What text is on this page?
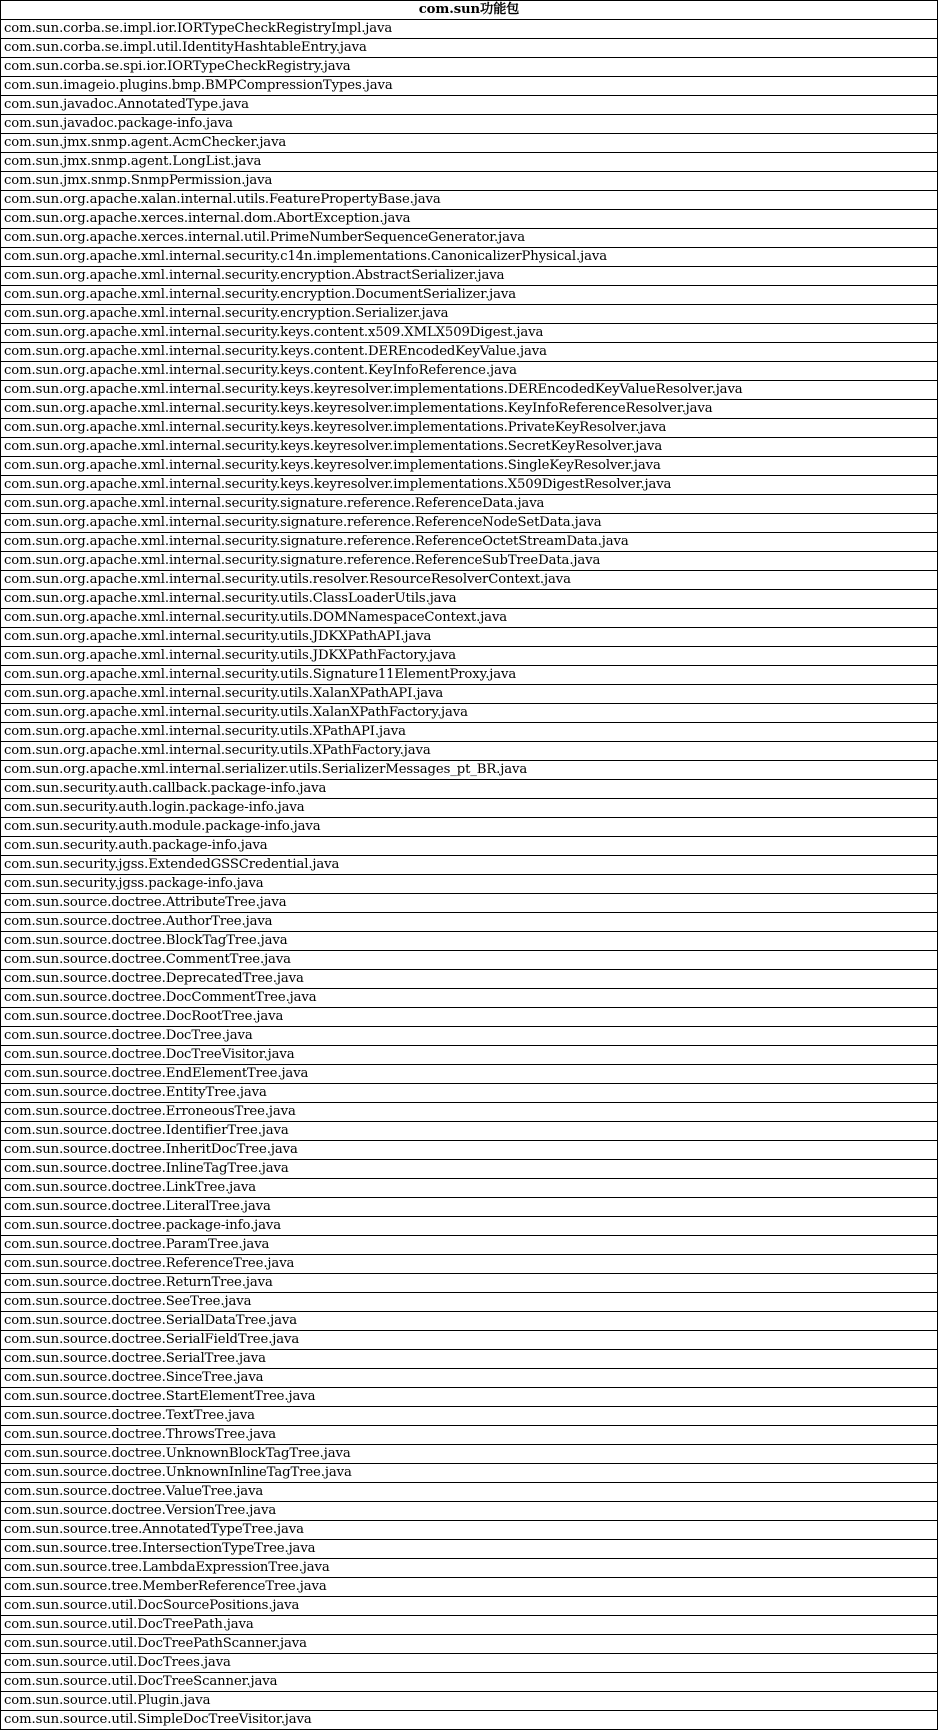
com.sun功能包
com.sun.corba.se.impl.ior.IORTypeCheckRegistryImpl.java
com.sun.corba.se.impl.util.IdentityHashtableEntry.java
com.sun.corba.se.spi.ior.IORTypeCheckRegistry.java
com.sun.imageio.plugins.bmp.BMPCompressionTypes.java
com.sun.javadoc.AnnotatedType.java
com.sun.javadoc.package-info.java
com.sun.jmx.snmp.agent.AcmChecker.java
com.sun.jmx.snmp.agent.LongList.java
com.sun.jmx.snmp.SnmpPermission.java
com.sun.org.apache.xalan.internal.utils.FeaturePropertyBase.java
com.sun.org.apache.xerces.internal.dom.AbortException.java
com.sun.org.apache.xerces.internal.util.PrimeNumberSequenceGenerator.java
com.sun.org.apache.xml.internal.security.c14n.implementations.CanonicalizerPhysical.java
com.sun.org.apache.xml.internal.security.encryption.AbstractSerializer.java
com.sun.org.apache.xml.internal.security.encryption.DocumentSerializer.java
com.sun.org.apache.xml.internal.security.encryption.Serializer.java
com.sun.org.apache.xml.internal.security.keys.content.x509.XMLX509Digest.java
com.sun.org.apache.xml.internal.security.keys.content.DEREncodedKeyValue.java
com.sun.org.apache.xml.internal.security.keys.content.KeyInfoReference.java
com.sun.org.apache.xml.internal.security.keys.keyresolver.implementations.DEREncodedKeyValueResolver.java
com.sun.org.apache.xml.internal.security.keys.keyresolver.implementations.KeyInfoReferenceResolver.java
com.sun.org.apache.xml.internal.security.keys.keyresolver.implementations.PrivateKeyResolver.java
com.sun.org.apache.xml.internal.security.keys.keyresolver.implementations.SecretKeyResolver.java
com.sun.org.apache.xml.internal.security.keys.keyresolver.implementations.SingleKeyResolver.java
com.sun.org.apache.xml.internal.security.keys.keyresolver.implementations.X509DigestResolver.java
com.sun.org.apache.xml.internal.security.signature.reference.ReferenceData.java
com.sun.org.apache.xml.internal.security.signature.reference.ReferenceNodeSetData.java
com.sun.org.apache.xml.internal.security.signature.reference.ReferenceOctetStreamData.java
com.sun.org.apache.xml.internal.security.signature.reference.ReferenceSubTreeData.java
com.sun.org.apache.xml.internal.security.utils.resolver.ResourceResolverContext.java
com.sun.org.apache.xml.internal.security.utils.ClassLoaderUtils.java
com.sun.org.apache.xml.internal.security.utils.DOMNamespaceContext.java
com.sun.org.apache.xml.internal.security.utils.JDKXPathAPI.java
com.sun.org.apache.xml.internal.security.utils.JDKXPathFactory.java
com.sun.org.apache.xml.internal.security.utils.Signature11ElementProxy.java
com.sun.org.apache.xml.internal.security.utils.XalanXPathAPI.java
com.sun.org.apache.xml.internal.security.utils.XalanXPathFactory.java
com.sun.org.apache.xml.internal.security.utils.XPathAPI.java
com.sun.org.apache.xml.internal.security.utils.XPathFactory.java
com.sun.org.apache.xml.internal.serializer.utils.SerializerMessages_pt_BR.java
com.sun.security.auth.callback.package-info.java
com.sun.security.auth.login.package-info.java
com.sun.security.auth.module.package-info.java
com.sun.security.auth.package-info.java
com.sun.security.jgss.ExtendedGSSCredential.java
com.sun.security.jgss.package-info.java
com.sun.source.doctree.AttributeTree.java
com.sun.source.doctree.AuthorTree.java
com.sun.source.doctree.BlockTagTree.java
com.sun.source.doctree.CommentTree.java
com.sun.source.doctree.DeprecatedTree.java
com.sun.source.doctree.DocCommentTree.java
com.sun.source.doctree.DocRootTree.java
com.sun.source.doctree.DocTree.java
com.sun.source.doctree.DocTreeVisitor.java
com.sun.source.doctree.EndElementTree.java
com.sun.source.doctree.EntityTree.java
com.sun.source.doctree.ErroneousTree.java
com.sun.source.doctree.IdentifierTree.java
com.sun.source.doctree.InheritDocTree.java
com.sun.source.doctree.InlineTagTree.java
com.sun.source.doctree.LinkTree.java
com.sun.source.doctree.LiteralTree.java
com.sun.source.doctree.package-info.java
com.sun.source.doctree.ParamTree.java
com.sun.source.doctree.ReferenceTree.java
com.sun.source.doctree.ReturnTree.java
com.sun.source.doctree.SeeTree.java
com.sun.source.doctree.SerialDataTree.java
com.sun.source.doctree.SerialFieldTree.java
com.sun.source.doctree.SerialTree.java
com.sun.source.doctree.SinceTree.java
com.sun.source.doctree.StartElementTree.java
com.sun.source.doctree.TextTree.java
com.sun.source.doctree.ThrowsTree.java
com.sun.source.doctree.UnknownBlockTagTree.java
com.sun.source.doctree.UnknownInlineTagTree.java
com.sun.source.doctree.ValueTree.java
com.sun.source.doctree.VersionTree.java
com.sun.source.tree.AnnotatedTypeTree.java
com.sun.source.tree.IntersectionTypeTree.java
com.sun.source.tree.LambdaExpressionTree.java
com.sun.source.tree.MemberReferenceTree.java
com.sun.source.util.DocSourcePositions.java
com.sun.source.util.DocTreePath.java
com.sun.source.util.DocTreePathScanner.java
com.sun.source.util.DocTrees.java
com.sun.source.util.DocTreeScanner.java
com.sun.source.util.Plugin.java
com.sun.source.util.SimpleDocTreeVisitor.java
